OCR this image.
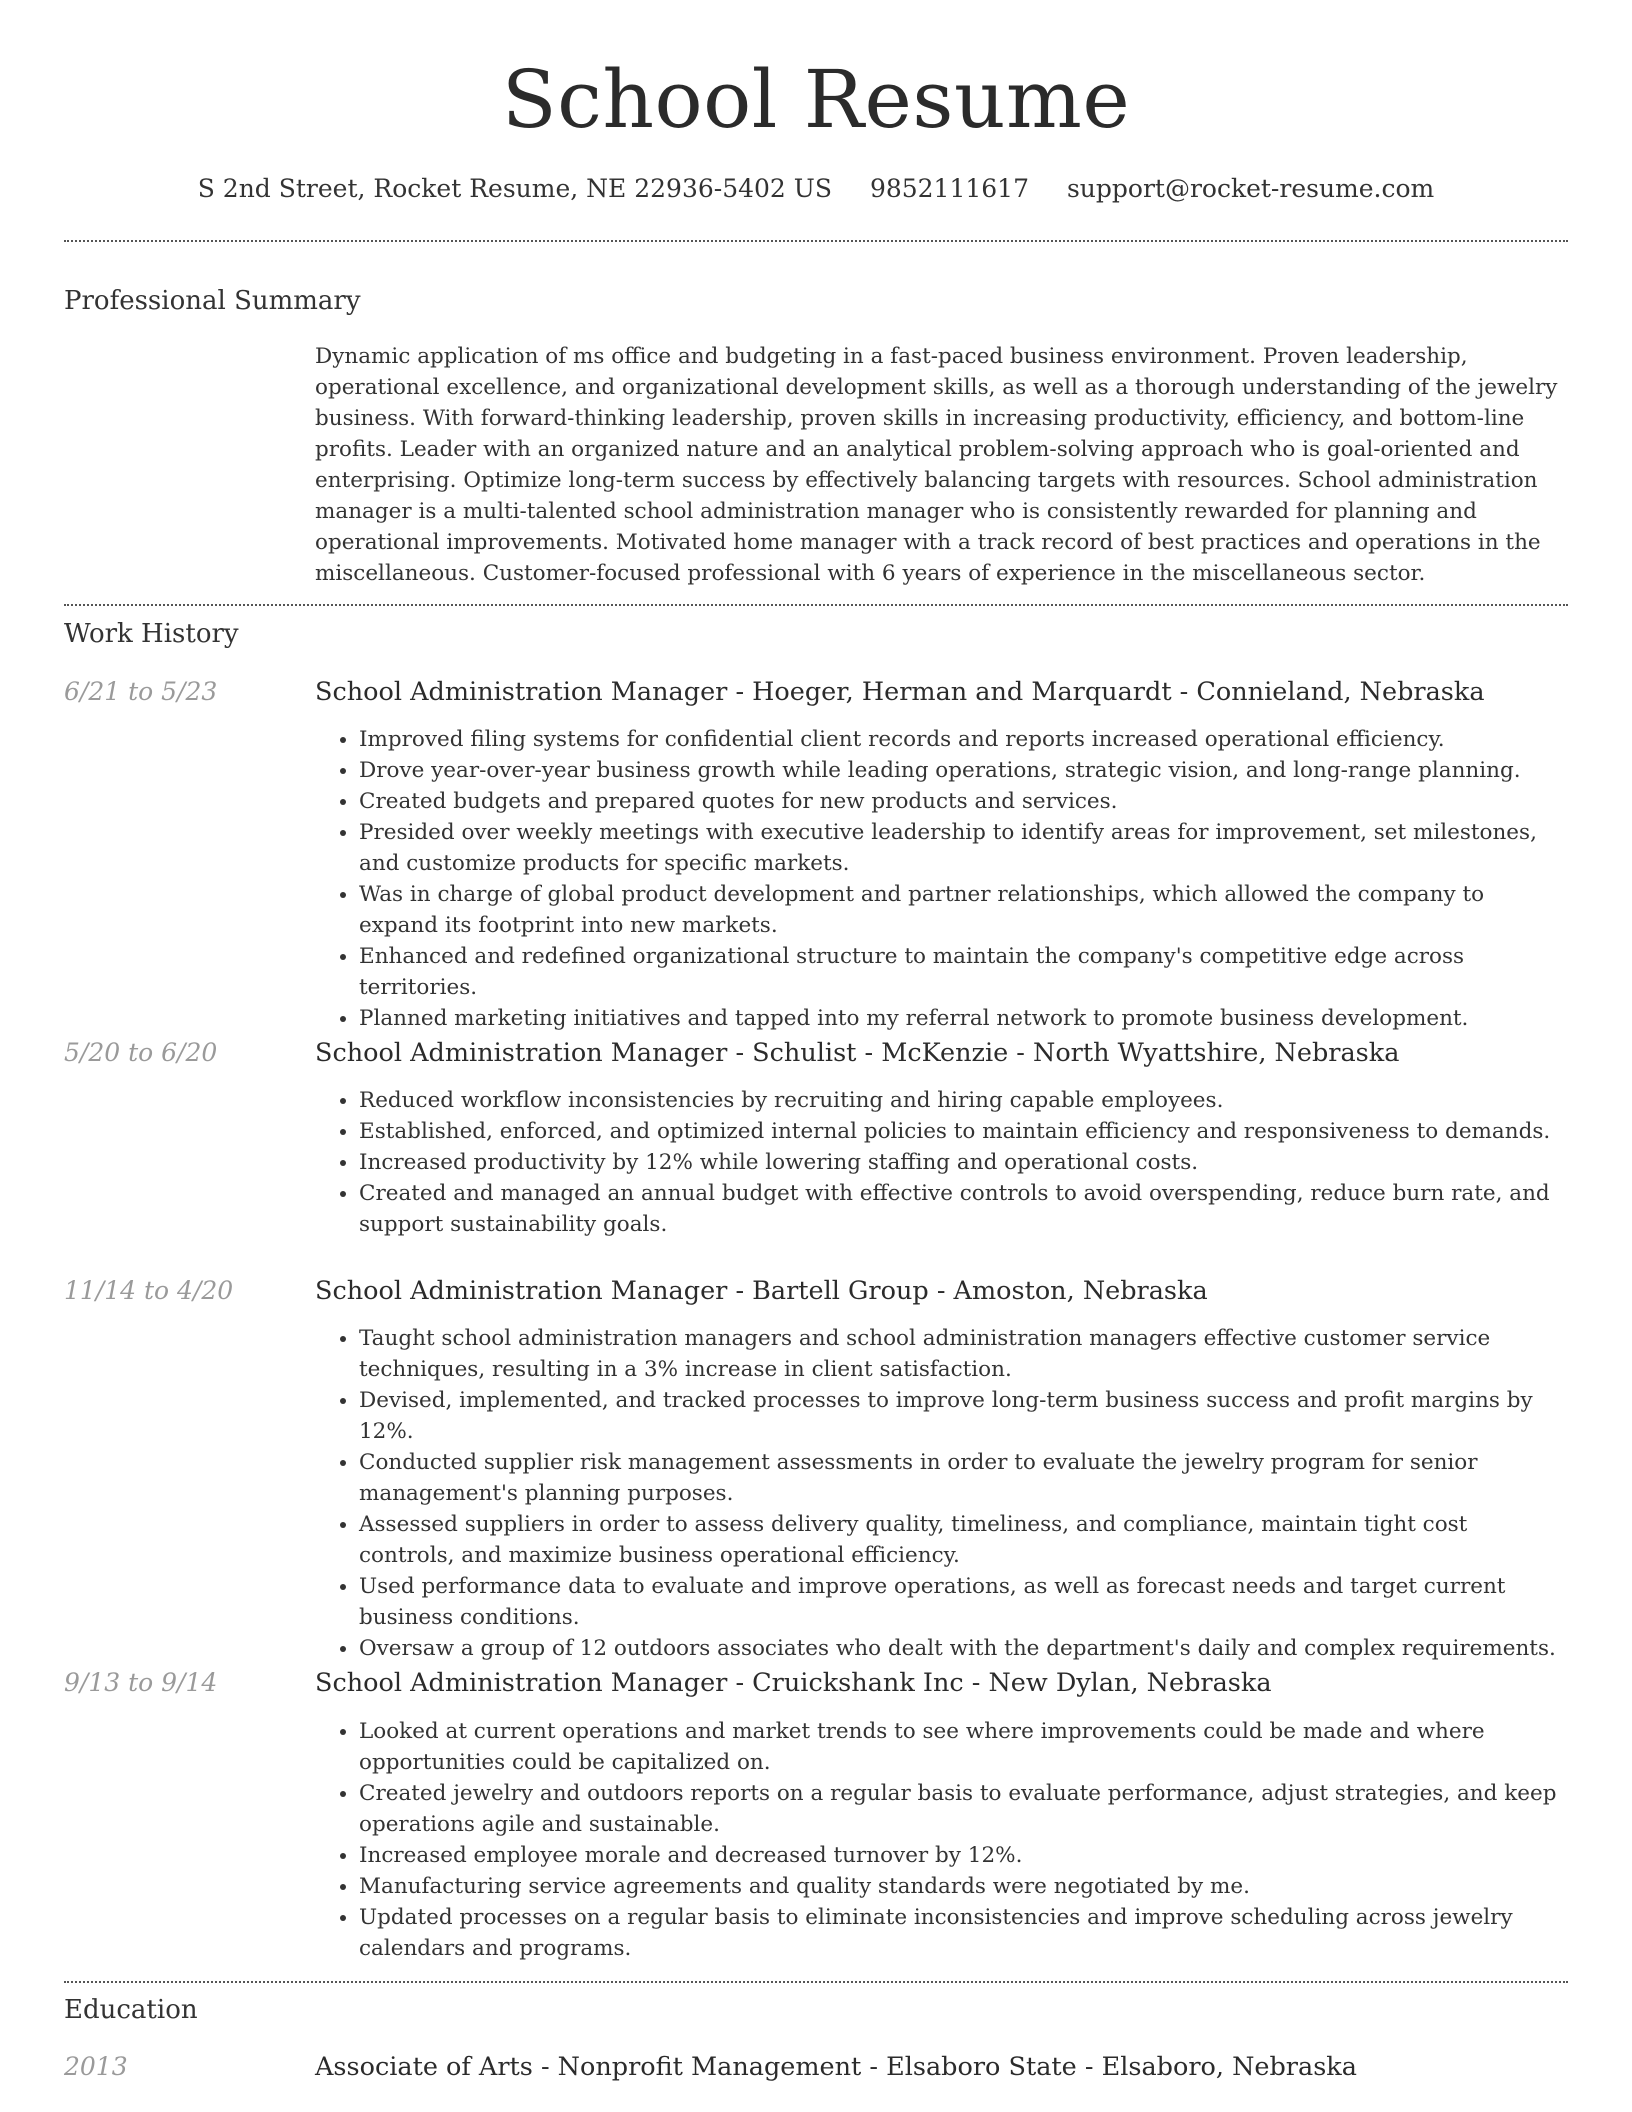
School Resume
S 2nd Street, Rocket Resume, NE 22936-5402 US 9852111617 support@rocket-resume.com
Professional Summary

Dynamic application of ms office and budgeting in a fast-paced business environment. Proven leadership, operational excellence, and organizational development skills, as well as a thorough understanding of the jewelry business. With forward-thinking leadership, proven skills in increasing productivity, efficiency, and bottom-line profits. Leader with an organized nature and an analytical problem-solving approach who is goal-oriented and enterprising. Optimize long-term success by effectively balancing targets with resources. School administration manager is a multi-talented school administration manager who is consistently rewarded for planning and operational improvements. Motivated home manager with a track record of best practices and operations in the miscellaneous. Customer-focused professional with 6 years of experience in the miscellaneous sector.

Work History
6/21 to 5/23	School Administration Manager - Hoeger, Herman and Marquardt - Connieland, Nebraska
• Improved filing systems for confidential client records and reports increased operational efficiency.
• Drove year-over-year business growth while leading operations, strategic vision, and long-range planning.
• Created budgets and prepared quotes for new products and services.
• Presided over weekly meetings with executive leadership to identify areas for improvement, set milestones, and customize products for specific markets.
• Was in charge of global product development and partner relationships, which allowed the company to expand its footprint into new markets.
• Enhanced and redefined organizational structure to maintain the company's competitive edge across territories.
• Planned marketing initiatives and tapped into my referral network to promote business development.
5/20 to 6/20	School Administration Manager - Schulist - McKenzie - North Wyattshire, Nebraska
• Reduced workflow inconsistencies by recruiting and hiring capable employees.
• Established, enforced, and optimized internal policies to maintain efficiency and responsiveness to demands.
• Increased productivity by 12% while lowering staffing and operational costs.
• Created and managed an annual budget with effective controls to avoid overspending, reduce burn rate, and support sustainability goals.
11/14 to 4/20	School Administration Manager - Bartell Group - Amoston, Nebraska
• Taught school administration managers and school administration managers effective customer service techniques, resulting in a 3% increase in client satisfaction.
• Devised, implemented, and tracked processes to improve long-term business success and profit margins by 12%.
• Conducted supplier risk management assessments in order to evaluate the jewelry program for senior management's planning purposes.
• Assessed suppliers in order to assess delivery quality, timeliness, and compliance, maintain tight cost controls, and maximize business operational efficiency.
• Used performance data to evaluate and improve operations, as well as forecast needs and target current business conditions.
• Oversaw a group of 12 outdoors associates who dealt with the department's daily and complex requirements.
9/13 to 9/14	School Administration Manager - Cruickshank Inc - New Dylan, Nebraska
• Looked at current operations and market trends to see where improvements could be made and where opportunities could be capitalized on.
• Created jewelry and outdoors reports on a regular basis to evaluate performance, adjust strategies, and keep operations agile and sustainable.
• Increased employee morale and decreased turnover by 12%.
• Manufacturing service agreements and quality standards were negotiated by me.
• Updated processes on a regular basis to eliminate inconsistencies and improve scheduling across jewelry calendars and programs.
Education
2013	Associate of Arts - Nonprofit Management - Elsaboro State - Elsaboro, Nebraska
